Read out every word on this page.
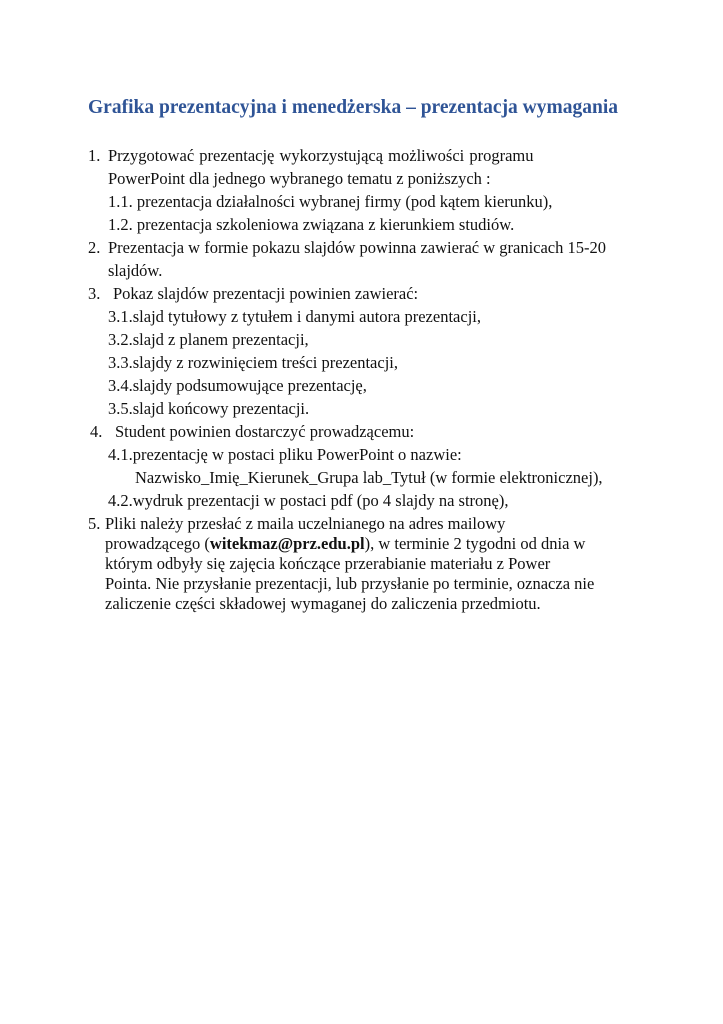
Grafika prezentacyjna i menedżerska – prezentacja wymagania
1. Przygotować prezentację wykorzystującą możliwości programu
PowerPoint dla jednego wybranego tematu z poniższych :
1.1. prezentacja działalności wybranej firmy (pod kątem kierunku),
1.2. prezentacja szkoleniowa związana z kierunkiem studiów.
2. Prezentacja w formie pokazu slajdów powinna zawierać w granicach 15-20
slajdów.
3. Pokaz slajdów prezentacji powinien zawierać:
3.1.slajd tytułowy z tytułem i danymi autora prezentacji,
3.2.slajd z planem prezentacji,
3.3.slajdy z rozwinięciem treści prezentacji,
3.4.slajdy podsumowujące prezentację,
3.5.slajd końcowy prezentacji.
4. Student powinien dostarczyć prowadzącemu:
4.1.prezentację w postaci pliku PowerPoint o nazwie:
Nazwisko_Imię_Kierunek_Grupa lab_Tytuł (w formie elektronicznej),
4.2.wydruk prezentacji w postaci pdf (po 4 slajdy na stronę),
5. Pliki należy przesłać z maila uczelnianego na adres mailowy
prowadzącego (witekmaz@prz.edu.pl), w terminie 2 tygodni od dnia w
którym odbyły się zajęcia kończące przerabianie materiału z Power
Pointa. Nie przysłanie prezentacji, lub przysłanie po terminie, oznacza nie
zaliczenie części składowej wymaganej do zaliczenia przedmiotu.
